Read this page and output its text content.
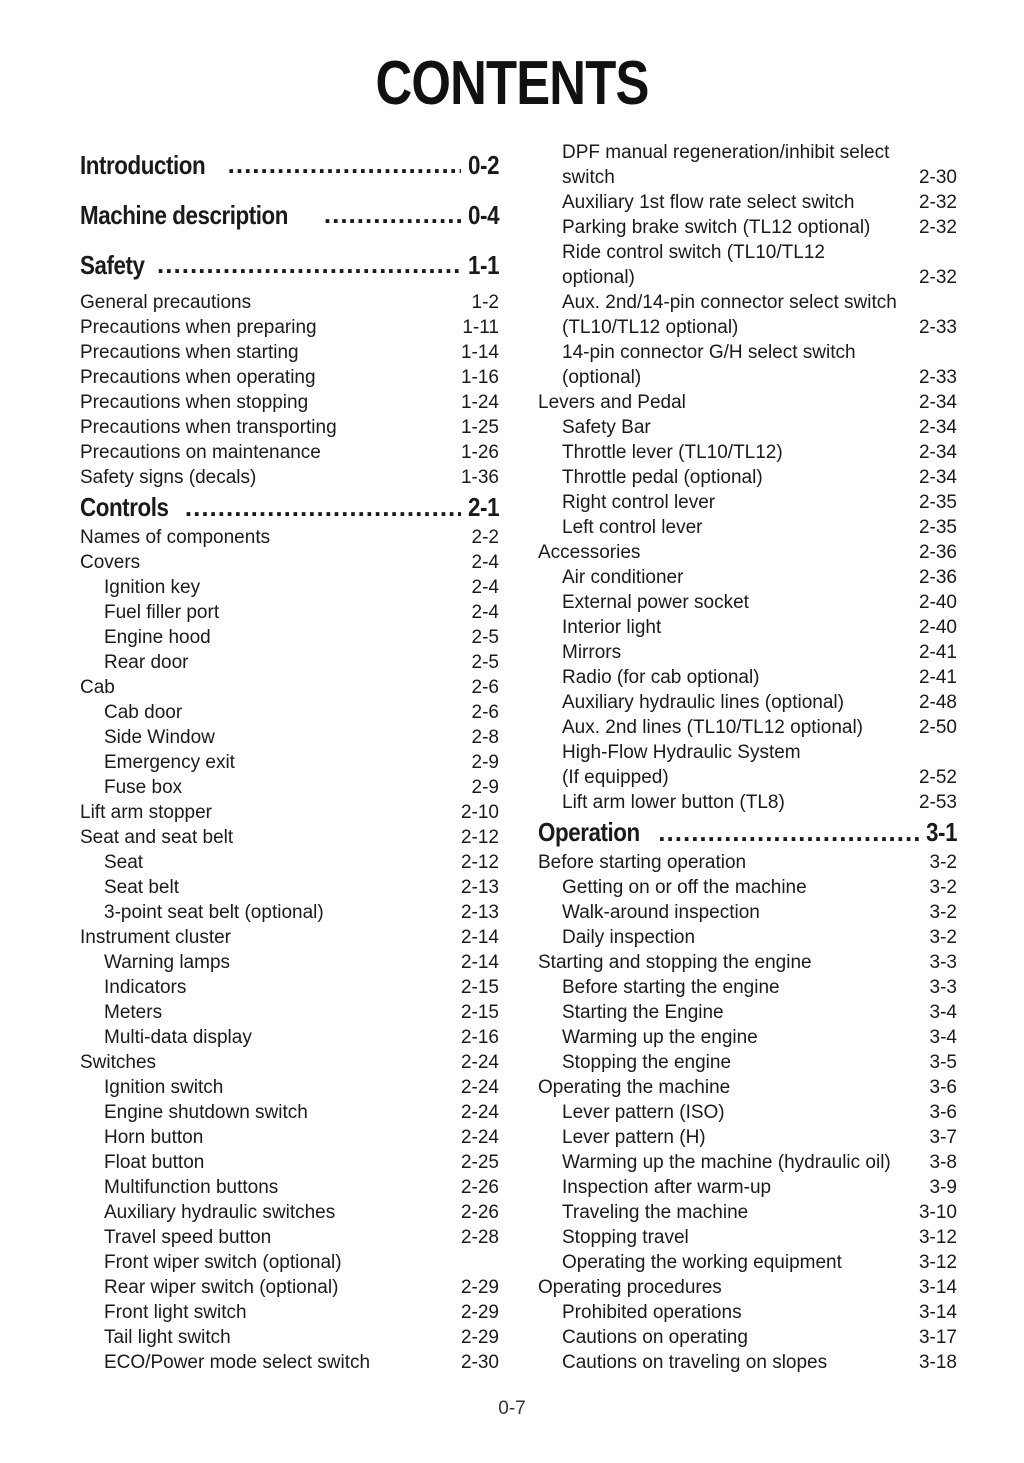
CONTENTS
Introduction .....	0-2
Machine description .....	0-4
Safety .....	1-1
General precautions	1-2
Precautions when preparing	1-11
Precautions when starting	1-14
Precautions when operating	1-16
Precautions when stopping	1-24
Precautions when transporting	1-25
Precautions on maintenance	1-26
Safety signs (decals)	1-36
Controls .....	2-1
Names of components	2-2
Covers	2-4
Ignition key	2-4
Fuel filler port	2-4
Engine hood	2-5
Rear door	2-5
Cab	2-6
Cab door	2-6
Side Window	2-8
Emergency exit	2-9
Fuse box	2-9
Lift arm stopper	2-10
Seat and seat belt	2-12
Seat	2-12
Seat belt	2-13
3-point seat belt (optional)	2-13
Instrument cluster	2-14
Warning lamps	2-14
Indicators	2-15
Meters	2-15
Multi-data display	2-16
Switches	2-24
Ignition switch	2-24
Engine shutdown switch	2-24
Horn button	2-24
Float button	2-25
Multifunction buttons	2-26
Auxiliary hydraulic switches	2-26
Travel speed button	2-28
Front wiper switch (optional)
Rear wiper switch (optional)	2-29
Front light switch	2-29
Tail light switch	2-29
ECO/Power mode select switch	2-30
DPF manual regeneration/inhibit select
switch	2-30
Auxiliary 1st flow rate select switch	2-32
Parking brake switch (TL12 optional)	2-32
Ride control switch (TL10/TL12
optional)	2-32
Aux. 2nd/14-pin connector select switch
(TL10/TL12 optional)	2-33
14-pin connector G/H select switch
(optional)	2-33
Levers and Pedal	2-34
Safety Bar	2-34
Throttle lever (TL10/TL12)	2-34
Throttle pedal (optional)	2-34
Right control lever	2-35
Left control lever	2-35
Accessories	2-36
Air conditioner	2-36
External power socket	2-40
Interior light	2-40
Mirrors	2-41
Radio (for cab optional)	2-41
Auxiliary hydraulic lines (optional)	2-48
Aux. 2nd lines (TL10/TL12 optional)	2-50
High-Flow Hydraulic System
(If equipped)	2-52
Lift arm lower button (TL8)	2-53
Operation .....	3-1
Before starting operation	3-2
Getting on or off the machine	3-2
Walk-around inspection	3-2
Daily inspection	3-2
Starting and stopping the engine	3-3
Before starting the engine	3-3
Starting the Engine	3-4
Warming up the engine	3-4
Stopping the engine	3-5
Operating the machine	3-6
Lever pattern (ISO)	3-6
Lever pattern (H)	3-7
Warming up the machine (hydraulic oil) 3-8
Inspection after warm-up	3-9
Traveling the machine	3-10
Stopping travel	3-12
Operating the working equipment	3-12
Operating procedures	3-14
Prohibited operations	3-14
Cautions on operating	3-17
Cautions on traveling on slopes	3-18
0-7
